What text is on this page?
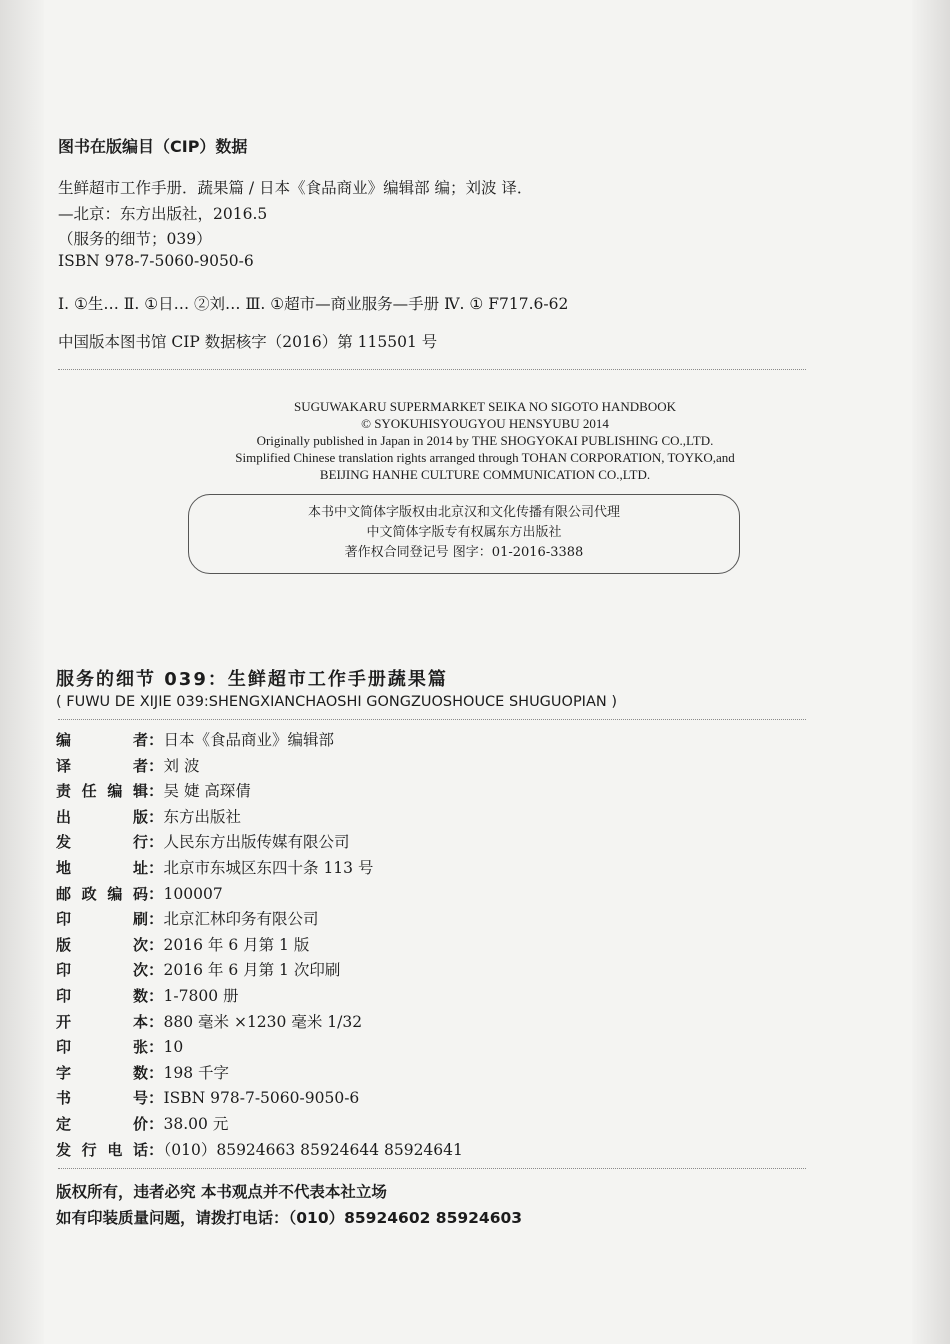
图书在版编目（CIP）数据
生鲜超市工作手册．蔬果篇 / 日本《食品商业》编辑部 编；刘波 译．
—北京：东方出版社，2016.5
（服务的细节；039）
ISBN 978-7-5060-9050-6
Ⅰ. ①生… Ⅱ. ①日… ②刘… Ⅲ. ①超市—商业服务—手册 Ⅳ. ① F717.6-62
中国版本图书馆 CIP 数据核字（2016）第 115501 号
SUGUWAKARU SUPERMARKET SEIKA NO SIGOTO HANDBOOK
© SYOKUHISYOUGYOU HENSYUBU 2014
Originally published in Japan in 2014 by THE SHOGYOKAI PUBLISHING CO.,LTD.
Simplified Chinese translation rights arranged through TOHAN CORPORATION, TOYKO,and
BEIJING HANHE CULTURE COMMUNICATION CO.,LTD.
本书中文简体字版权由北京汉和文化传播有限公司代理
中文简体字版专有权属东方出版社
著作权合同登记号 图字：01-2016-3388
服务的细节 039：生鲜超市工作手册蔬果篇
( FUWU DE XIJIE 039:SHENGXIANCHAOSHI GONGZUOSHOUCE SHUGUOPIAN )
编者：日本《食品商业》编辑部
译者：刘 波
责任编辑：吴 婕 高琛倩
出版：东方出版社
发行：人民东方出版传媒有限公司
地址：北京市东城区东四十条 113 号
邮政编码：100007
印刷：北京汇林印务有限公司
版次：2016 年 6 月第 1 版
印次：2016 年 6 月第 1 次印刷
印数：1-7800 册
开本：880 毫米 ×1230 毫米 1/32
印张：10
字数：198 千字
书号：ISBN 978-7-5060-9050-6
定价：38.00 元
发行电话：（010）85924663 85924644 85924641
版权所有，违者必究 本书观点并不代表本社立场
如有印装质量问题，请拨打电话：（010）85924602 85924603
